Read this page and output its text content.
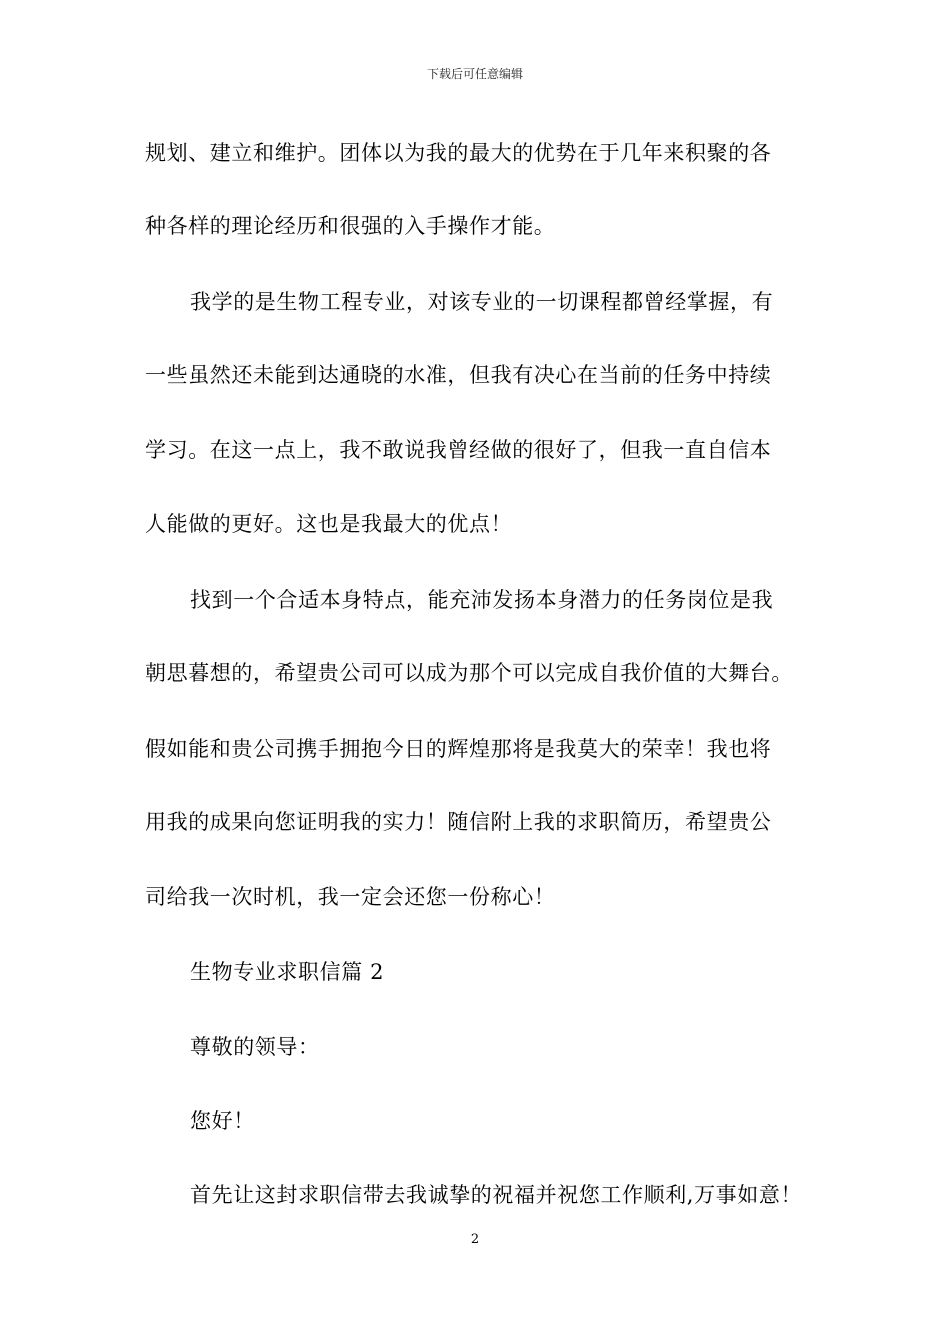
下载后可任意编辑
规划、建立和维护。团体以为我的最大的优势在于几年来积聚的各
种各样的理论经历和很强的入手操作才能。
我学的是生物工程专业，对该专业的一切课程都曾经掌握，有
一些虽然还未能到达通晓的水准，但我有决心在当前的任务中持续
学习。在这一点上，我不敢说我曾经做的很好了，但我一直自信本
人能做的更好。这也是我最大的优点！
找到一个合适本身特点，能充沛发扬本身潜力的任务岗位是我
朝思暮想的，希望贵公司可以成为那个可以完成自我价值的大舞台。
假如能和贵公司携手拥抱今日的辉煌那将是我莫大的荣幸！我也将
用我的成果向您证明我的实力！随信附上我的求职简历，希望贵公
司给我一次时机，我一定会还您一份称心！
生物专业求职信篇 2
尊敬的领导：
您好！
首先让这封求职信带去我诚挚的祝福并祝您工作顺利,万事如意！
2
